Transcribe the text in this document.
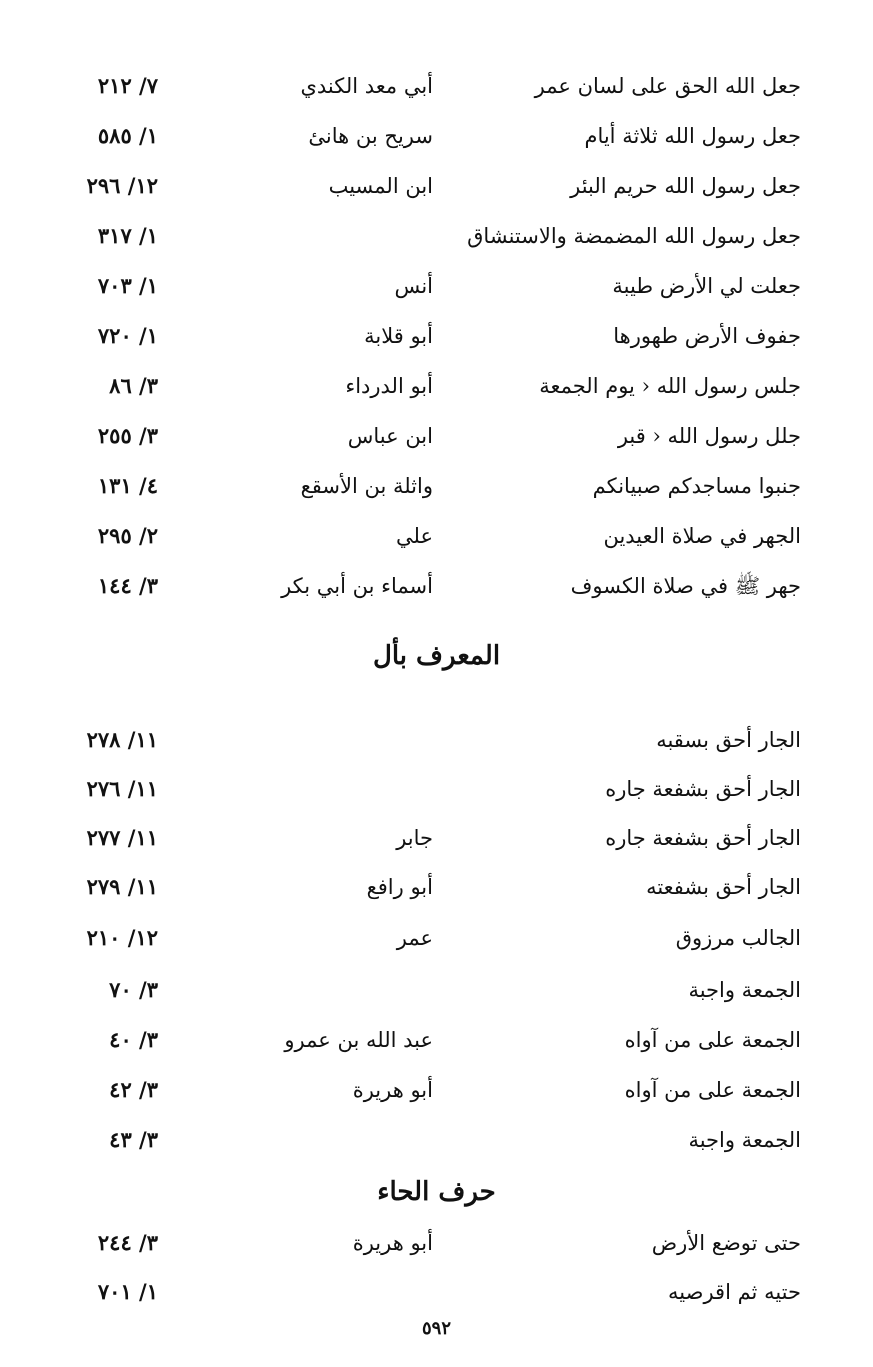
جعل الله الحق على لسان عمر
أبي معد الكندي
٧/ ٢١٢
جعل رسول الله ثلاثة أيام
سريح بن هانئ
١/ ٥٨٥
جعل رسول الله حريم البئر
ابن المسيب
١٢/ ٢٩٦
جعل رسول الله المضمضة والاستنشاق
١/ ٣١٧
جعلت لي الأرض طيبة
أنس
١/ ٧٠٣
جفوف الأرض طهورها
أبو قلابة
١/ ٧٢٠
جلس رسول الله ‹ يوم الجمعة
أبو الدرداء
٣/ ٨٦
جلل رسول الله ‹ قبر
ابن عباس
٣/ ٢٥٥
جنبوا مساجدكم صبيانكم
واثلة بن الأسقع
٤/ ١٣١
الجهر في صلاة العيدين
علي
٢/ ٢٩٥
جهر ﷺ في صلاة الكسوف
أسماء بن أبي بكر
٣/ ١٤٤
المعرف بأل
الجار أحق بسقبه
١١/ ٢٧٨
الجار أحق بشفعة جاره
١١/ ٢٧٦
الجار أحق بشفعة جاره
جابر
١١/ ٢٧٧
الجار أحق بشفعته
أبو رافع
١١/ ٢٧٩
الجالب مرزوق
عمر
١٢/ ٢١٠
الجمعة واجبة
٣/ ٧٠
الجمعة على من آواه
عبد الله بن عمرو
٣/ ٤٠
الجمعة على من آواه
أبو هريرة
٣/ ٤٢
الجمعة واجبة
٣/ ٤٣
حرف الحاء
حتى توضع الأرض
أبو هريرة
٣/ ٢٤٤
حتيه ثم اقرصيه
١/ ٧٠١
٥٩٢
